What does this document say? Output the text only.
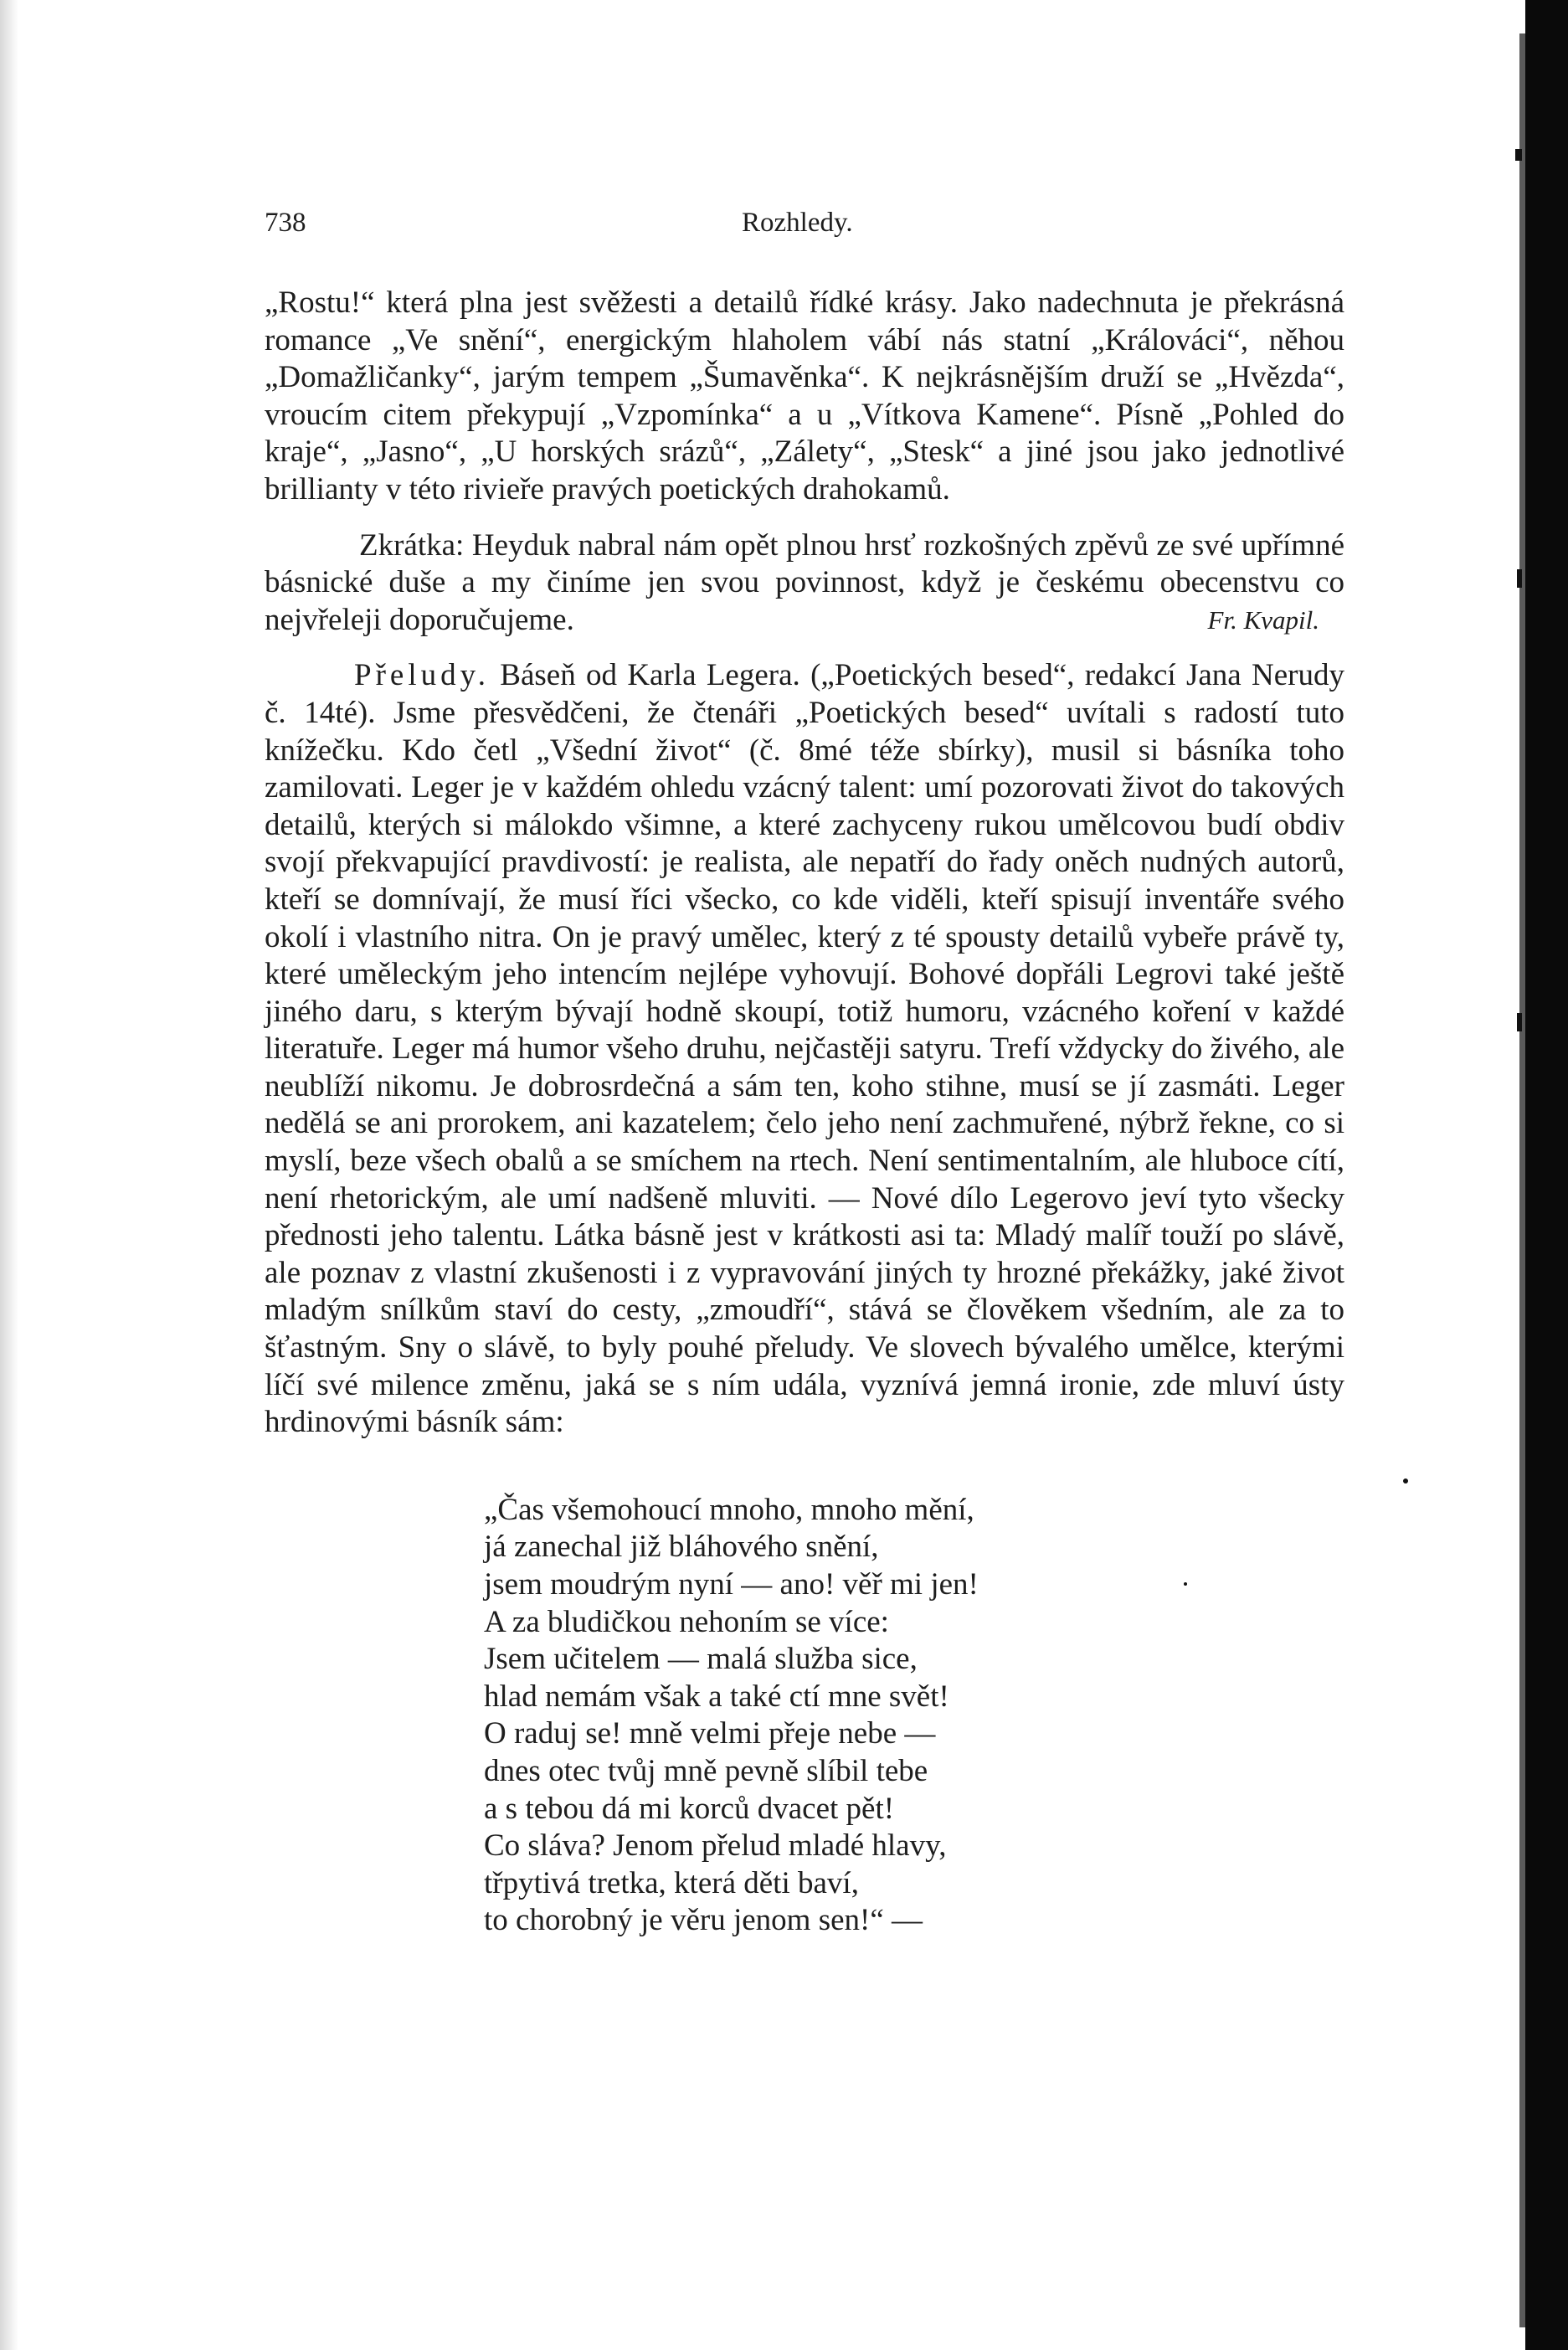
738	Rozhledy.

„Rostu!“ která plna jest svěžesti a detailů řídké krásy. Jako nadechnuta je překrásná romance „Ve snění“, energickým hlaholem vábí nás statní „Králováci“, něhou „Domažličanky“, jarým tempem „Šumavěnka“. K nejkrásnějším druží se „Hvězda“, vroucím citem překypují „Vzpomínka“ a u „Vítkova Kamene“. Písně „Pohled do kraje“, „Jasno“, „U horských srázů“, „Zálety“, „Stesk“ a jiné jsou jako jednotlivé brillianty v této rivieře pravých poetických drahokamů.

Zkrátka: Heyduk nabral nám opět plnou hrsť rozkošných zpěvů ze své upřímné básnické duše a my činíme jen svou povinnost, když je českému obecenstvu co nejvřeleji doporučujeme.	Fr. Kvapil.

Přeludy. Báseň od Karla Legera. („Poetických besed“, redakcí Jana Nerudy č. 14té). Jsme přesvědčeni, že čtenáři „Poetických besed“ uvítali s radostí tuto knížečku. Kdo četl „Všední život“ (č. 8mé téže sbírky), musil si básníka toho zamilovati. Leger je v každém ohledu vzácný talent: umí pozorovati život do takových detailů, kterých si málokdo všimne, a které zachyceny rukou umělcovou budí obdiv svojí překvapující pravdivostí: je realista, ale nepatří do řady oněch nudných autorů, kteří se domnívají, že musí říci všecko, co kde viděli, kteří spisují inventáře svého okolí i vlastního nitra. On je pravý umělec, který z té spousty detailů vybeře právě ty, které uměleckým jeho intencím nejlépe vyhovují. Bohové dopřáli Legrovi také ještě jiného daru, s kterým bývají hodně skoupí, totiž humoru, vzácného koření v každé literatuře. Leger má humor všeho druhu, nejčastěji satyru. Trefí vždycky do živého, ale neublíží nikomu. Je dobrosrdečná a sám ten, koho stihne, musí se jí zasmáti. Leger nedělá se ani prorokem, ani kazatelem; čelo jeho není zachmuřené, nýbrž řekne, co si myslí, beze všech obalů a se smíchem na rtech. Není sentimentalním, ale hluboce cítí, není rhetorickým, ale umí nadšeně mluviti. — Nové dílo Legerovo jeví tyto všecky přednosti jeho talentu. Látka básně jest v krátkosti asi ta: Mladý malíř touží po slávě, ale poznav z vlastní zkušenosti i z vypravování jiných ty hrozné překážky, jaké život mladým snílkům staví do cesty, „zmoudří“, stává se člověkem všedním, ale za to šťastným. Sny o slávě, to byly pouhé přeludy. Ve slovech bývalého umělce, kterými líčí své milence změnu, jaká se s ním udála, vyznívá jemná ironie, zde mluví ústy hrdinovými básník sám:

„Čas všemohoucí mnoho, mnoho mění,
já zanechal již bláhového snění,
jsem moudrým nyní — ano! věř mi jen!
A za bludičkou nehoním se více:
Jsem učitelem — malá služba sice,
hlad nemám však a také ctí mne svět!
O raduj se! mně velmi přeje nebe —
dnes otec tvůj mně pevně slíbil tebe
a s tebou dá mi korců dvacet pět!
Co sláva? Jenom přelud mladé hlavy,
třpytivá tretka, která děti baví,
to chorobný je věru jenom sen!“ —
